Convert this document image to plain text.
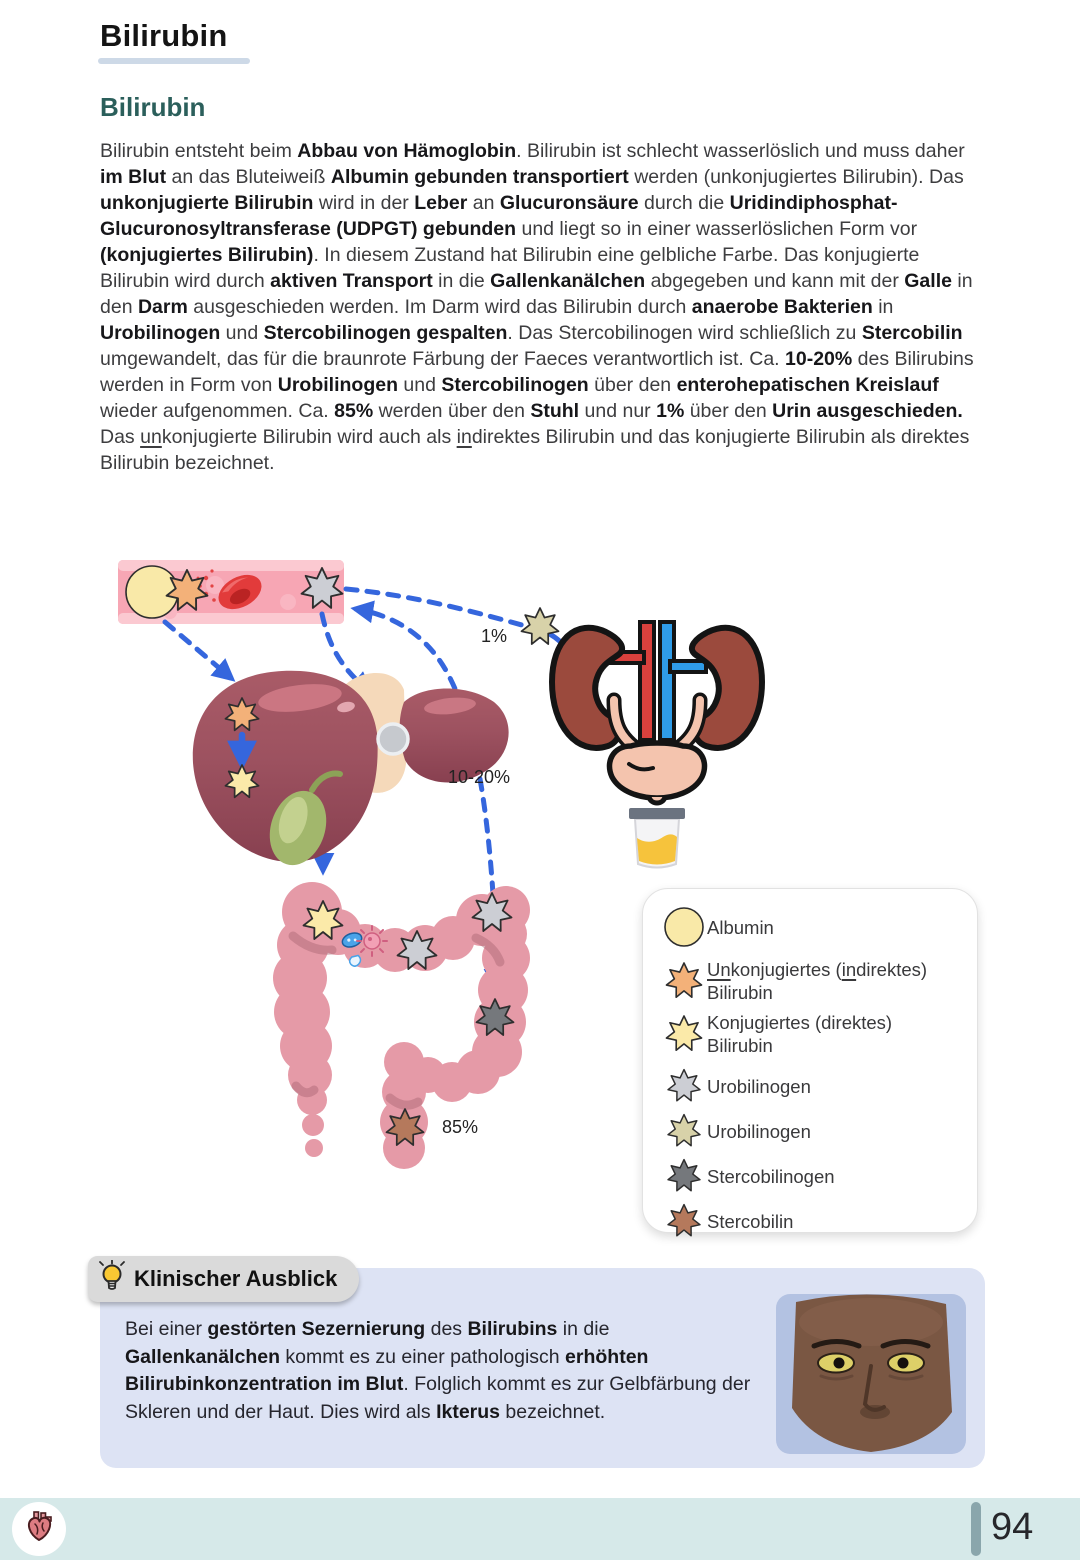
Bilirubin
Bilirubin
Bilirubin entsteht beim Abbau von Hämoglobin. Bilirubin ist schlecht wasserlöslich und muss daher im Blut an das Bluteiweiß Albumin gebunden transportiert werden (unkonjugiertes Bilirubin). Das unkonjugierte Bilirubin wird in der Leber an Glucuronsäure durch die Uridindiphosphat-Glucuronosyltransferase (UDPGT) gebunden und liegt so in einer wasserlöslichen Form vor (konjugiertes Bilirubin). In diesem Zustand hat Bilirubin eine gelbliche Farbe. Das konjugierte Bilirubin wird durch aktiven Transport in die Gallenkanälchen abgegeben und kann mit der Galle in den Darm ausgeschieden werden. Im Darm wird das Bilirubin durch anaerobe Bakterien in Urobilinogen und Stercobilinogen gespalten. Das Stercobilinogen wird schließlich zu Stercobilin umgewandelt, das für die braunrote Färbung der Faeces verantwortlich ist. Ca. 10-20% des Bilirubins werden in Form von Urobilinogen und Stercobilinogen über den enterohepatischen Kreislauf wieder aufgenommen. Ca. 85% werden über den Stuhl und nur 1% über den Urin ausgeschieden. Das unkonjugierte Bilirubin wird auch als indirektes Bilirubin und das konjugierte Bilirubin als direktes Bilirubin bezeichnet.
1%
10-20%
85%
Albumin
Unkonjugiertes (indirektes) Bilirubin
Konjugiertes (direktes) Bilirubin
Urobilinogen
Urobilinogen
Stercobilinogen
Stercobilin
Klinischer Ausblick
Bei einer gestörten Sezernierung des Bilirubins in die Gallenkanälchen kommt es zu einer pathologisch erhöhten Bilirubinkonzentration im Blut. Folglich kommt es zur Gelbfärbung der Skleren und der Haut. Dies wird als Ikterus bezeichnet.
94
